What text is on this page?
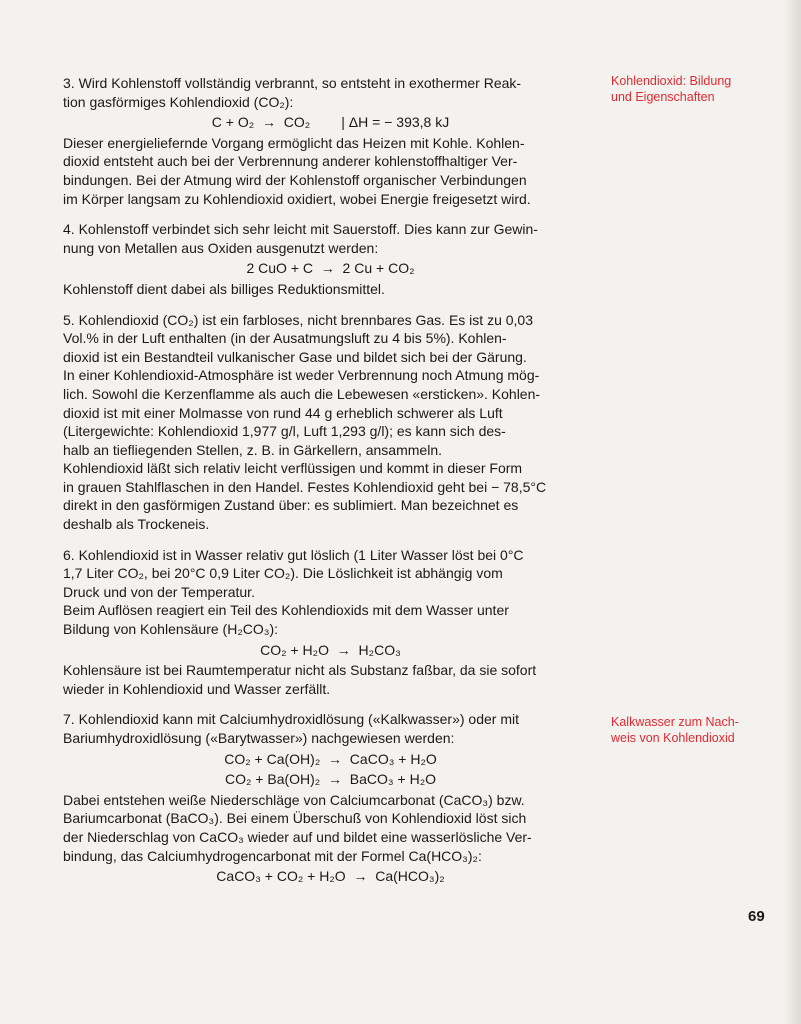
Kohlendioxid: Bildung
und Eigenschaften
Kalkwasser zum Nach-
weis von Kohlendioxid

3. Wird Kohlenstoff vollständig verbrannt, so entsteht in exothermer Reak-

tion gasförmiges Kohlendioxid (CO₂):

C + O₂  →  CO₂        | ΔH = − 393,8 kJ

Dieser energieliefernde Vorgang ermöglicht das Heizen mit Kohle. Kohlen-

dioxid entsteht auch bei der Verbrennung anderer kohlenstoffhaltiger Ver-

bindungen. Bei der Atmung wird der Kohlenstoff organischer Verbindungen

im Körper langsam zu Kohlendioxid oxidiert, wobei Energie freigesetzt wird.

4. Kohlenstoff verbindet sich sehr leicht mit Sauerstoff. Dies kann zur Gewin-

nung von Metallen aus Oxiden ausgenutzt werden:

2 CuO + C  →  2 Cu + CO₂

Kohlenstoff dient dabei als billiges Reduktionsmittel.

5. Kohlendioxid (CO₂) ist ein farbloses, nicht brennbares Gas. Es ist zu 0,03

Vol.% in der Luft enthalten (in der Ausatmungsluft zu 4 bis 5%). Kohlen-

dioxid ist ein Bestandteil vulkanischer Gase und bildet sich bei der Gärung.

In einer Kohlendioxid-Atmosphäre ist weder Verbrennung noch Atmung mög-

lich. Sowohl die Kerzenflamme als auch die Lebewesen «ersticken». Kohlen-

dioxid ist mit einer Molmasse von rund 44 g erheblich schwerer als Luft

(Litergewichte: Kohlendioxid 1,977 g/l, Luft 1,293 g/l); es kann sich des-

halb an tiefliegenden Stellen, z. B. in Gärkellern, ansammeln.

Kohlendioxid läßt sich relativ leicht verflüssigen und kommt in dieser Form

in grauen Stahlflaschen in den Handel. Festes Kohlendioxid geht bei − 78,5°C

direkt in den gasförmigen Zustand über: es sublimiert. Man bezeichnet es

deshalb als Trockeneis.

6. Kohlendioxid ist in Wasser relativ gut löslich (1 Liter Wasser löst bei 0°C

1,7 Liter CO₂, bei 20°C 0,9 Liter CO₂). Die Löslichkeit ist abhängig vom

Druck und von der Temperatur.

Beim Auflösen reagiert ein Teil des Kohlendioxids mit dem Wasser unter

Bildung von Kohlensäure (H₂CO₃):

CO₂ + H₂O  →  H₂CO₃

Kohlensäure ist bei Raumtemperatur nicht als Substanz faßbar, da sie sofort

wieder in Kohlendioxid und Wasser zerfällt.

7. Kohlendioxid kann mit Calciumhydroxidlösung («Kalkwasser») oder mit

Bariumhydroxidlösung («Barytwasser») nachgewiesen werden:

CO₂ + Ca(OH)₂  →  CaCO₃ + H₂O
CO₂ + Ba(OH)₂  →  BaCO₃ + H₂O

Dabei entstehen weiße Niederschläge von Calciumcarbonat (CaCO₃) bzw.

Bariumcarbonat (BaCO₃). Bei einem Überschuß von Kohlendioxid löst sich

der Niederschlag von CaCO₃ wieder auf und bildet eine wasserlösliche Ver-

bindung, das Calciumhydrogencarbonat mit der Formel Ca(HCO₃)₂:

CaCO₃ + CO₂ + H₂O  →  Ca(HCO₃)₂
69
